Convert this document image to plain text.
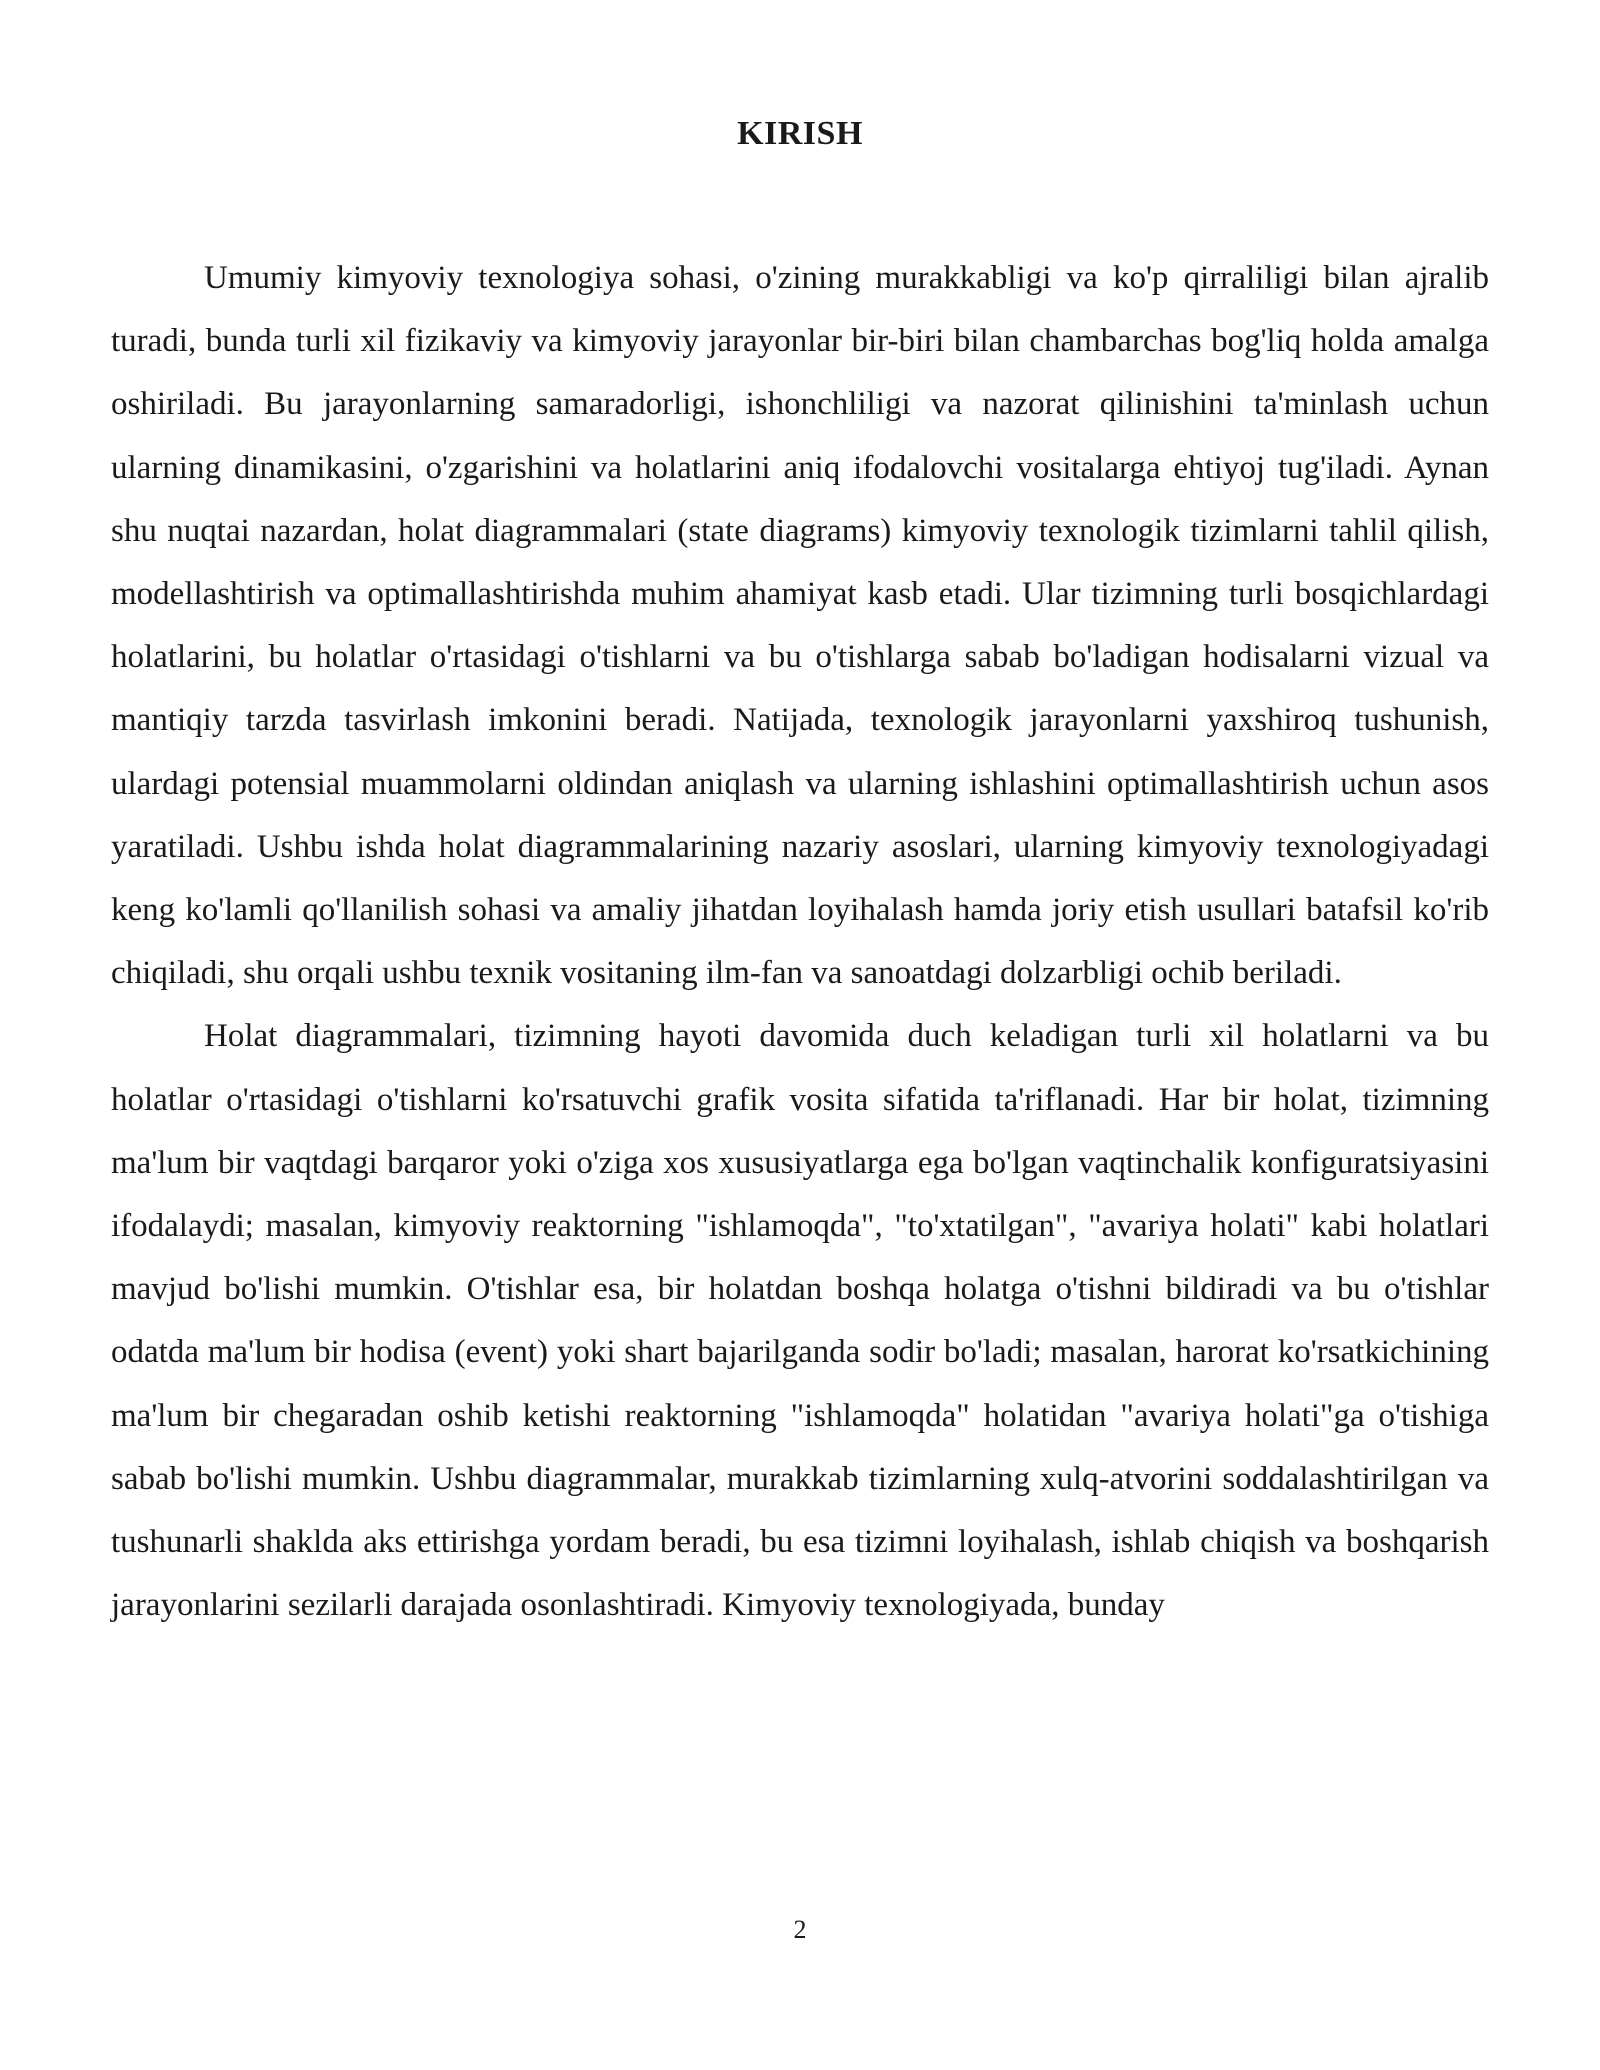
KIRISH

Umumiy kimyoviy texnologiya sohasi, o'zining murakkabligi va ko'p qirraliligi bilan ajralib turadi, bunda turli xil fizikaviy va kimyoviy jarayonlar bir-biri bilan chambarchas bog'liq holda amalga oshiriladi. Bu jarayonlarning samaradorligi, ishonchliligi va nazorat qilinishini ta'minlash uchun ularning dinamikasini, o'zgarishini va holatlarini aniq ifodalovchi vositalarga ehtiyoj tug'iladi. Aynan shu nuqtai nazardan, holat diagrammalari (state diagrams) kimyoviy texnologik tizimlarni tahlil qilish, modellashtirish va optimallashtirishda muhim ahamiyat kasb etadi. Ular tizimning turli bosqichlardagi holatlarini, bu holatlar o'rtasidagi o'tishlarni va bu o'tishlarga sabab bo'ladigan hodisalarni vizual va mantiqiy tarzda tasvirlash imkonini beradi. Natijada, texnologik jarayonlarni yaxshiroq tushunish, ulardagi potensial muammolarni oldindan aniqlash va ularning ishlashini optimallashtirish uchun asos yaratiladi. Ushbu ishda holat diagrammalarining nazariy asoslari, ularning kimyoviy texnologiyadagi keng ko'lamli qo'llanilish sohasi va amaliy jihatdan loyihalash hamda joriy etish usullari batafsil ko'rib chiqiladi, shu orqali ushbu texnik vositaning ilm-fan va sanoatdagi dolzarbligi ochib beriladi.

Holat diagrammalari, tizimning hayoti davomida duch keladigan turli xil holatlarni va bu holatlar o'rtasidagi o'tishlarni ko'rsatuvchi grafik vosita sifatida ta'riflanadi. Har bir holat, tizimning ma'lum bir vaqtdagi barqaror yoki o'ziga xos xususiyatlarga ega bo'lgan vaqtinchalik konfiguratsiyasini ifodalaydi; masalan, kimyoviy reaktorning "ishlamoqda", "to'xtatilgan", "avariya holati" kabi holatlari mavjud bo'lishi mumkin. O'tishlar esa, bir holatdan boshqa holatga o'tishni bildiradi va bu o'tishlar odatda ma'lum bir hodisa (event) yoki shart bajarilganda sodir bo'ladi; masalan, harorat ko'rsatkichining ma'lum bir chegaradan oshib ketishi reaktorning "ishlamoqda" holatidan "avariya holati"ga o'tishiga sabab bo'lishi mumkin. Ushbu diagrammalar, murakkab tizimlarning xulq-atvorini soddalashtirilgan va tushunarli shaklda aks ettirishga yordam beradi, bu esa tizimni loyihalash, ishlab chiqish va boshqarish jarayonlarini sezilarli darajada osonlashtiradi. Kimyoviy texnologiyada, bunday

2
